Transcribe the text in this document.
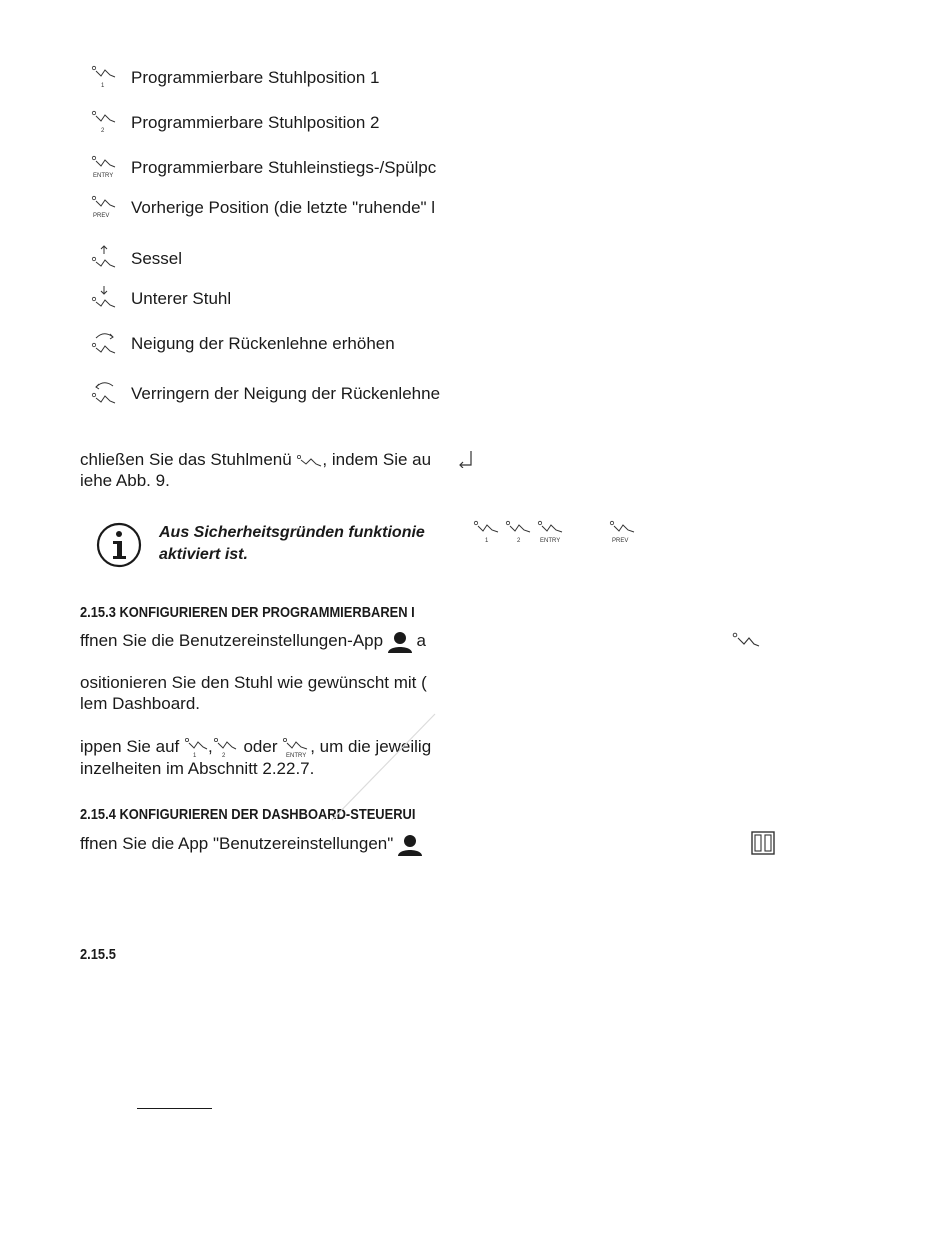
1 Programmierbare Stuhlposition 1
2 Programmierbare Stuhlposition 2
ENTRY Programmierbare Stuhleinstiegs-/Spülpc
PREV Vorherige Position (die letzte "ruhende" l
Sessel
Unterer Stuhl
Neigung der Rückenlehne erhöhen
Verringern der Neigung der Rückenlehne
chließen Sie das Stuhlmenü , indem Sie au
iehe Abb. 9.
Aus Sicherheitsgründen funktionie
aktiviert ist.
2.15.3 KONFIGURIEREN DER PROGRAMMIERBAREN I
ffnen Sie die Benutzereinstellungen-App a
ositionieren Sie den Stuhl wie gewünscht mit (
lem Dashboard.
ippen Sie auf 1 , 2 oder ENTRY , um die jeweilig
inzelheiten im Abschnitt 2.22.7.
2.15.4 KONFIGURIEREN DER DASHBOARD-STEUERUI
ffnen Sie die App "Benutzereinstellungen"
2.15.5
1	2	ENTRY	PREV
